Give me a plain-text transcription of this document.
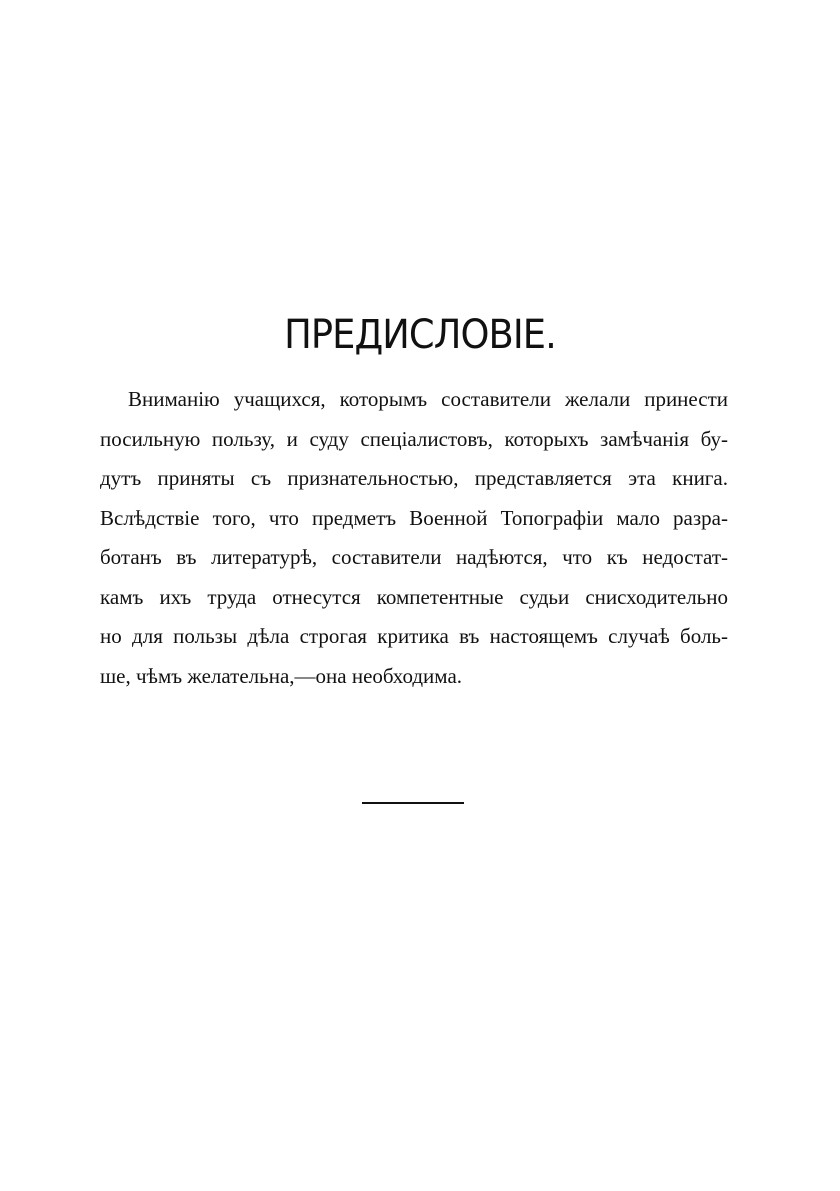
ПРЕДИСЛОВІЕ.
Вниманію учащихся, которымъ составители желали принести
посильную пользу, и суду спеціалистовъ, которыхъ замѣчанія бу-
дутъ приняты съ признательностью, представляется эта книга.
Вслѣдствіе того, что предметъ Военной Топографіи мало разра-
ботанъ въ литературѣ, составители надѣются, что къ недостат-
камъ ихъ труда отнесутся компетентные судьи снисходительно
но для пользы дѣла строгая критика въ настоящемъ случаѣ боль-
ше, чѣмъ желательна,—она необходима.
